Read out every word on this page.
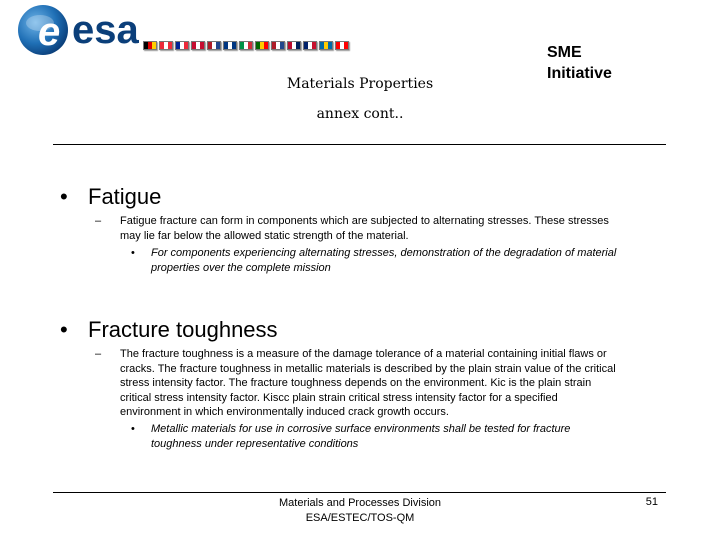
e esa
Materials Properties
annex cont..
SME
Initiative
• Fatigue
–	Fatigue fracture can form in components which are subjected to alternating stresses. These stresses
may lie far below the allowed static strength of the material.
•	For components experiencing alternating stresses, demonstration of the degradation of material
properties over the complete mission
• Fracture toughness
–	The fracture toughness is a measure of the damage tolerance of a material containing initial flaws or
cracks. The fracture toughness in metallic materials is described by the plain strain value of the critical
stress intensity factor. The fracture toughness depends on the environment. Kic is the plain strain
critical stress intensity factor. Kiscc plain strain critical stress intensity factor for a specified
environment in which environmentally induced crack growth occurs.
•	Metallic materials for use in corrosive surface environments shall be tested for fracture
toughness under representative conditions
Materials and Processes Division
ESA/ESTEC/TOS-QM
51
